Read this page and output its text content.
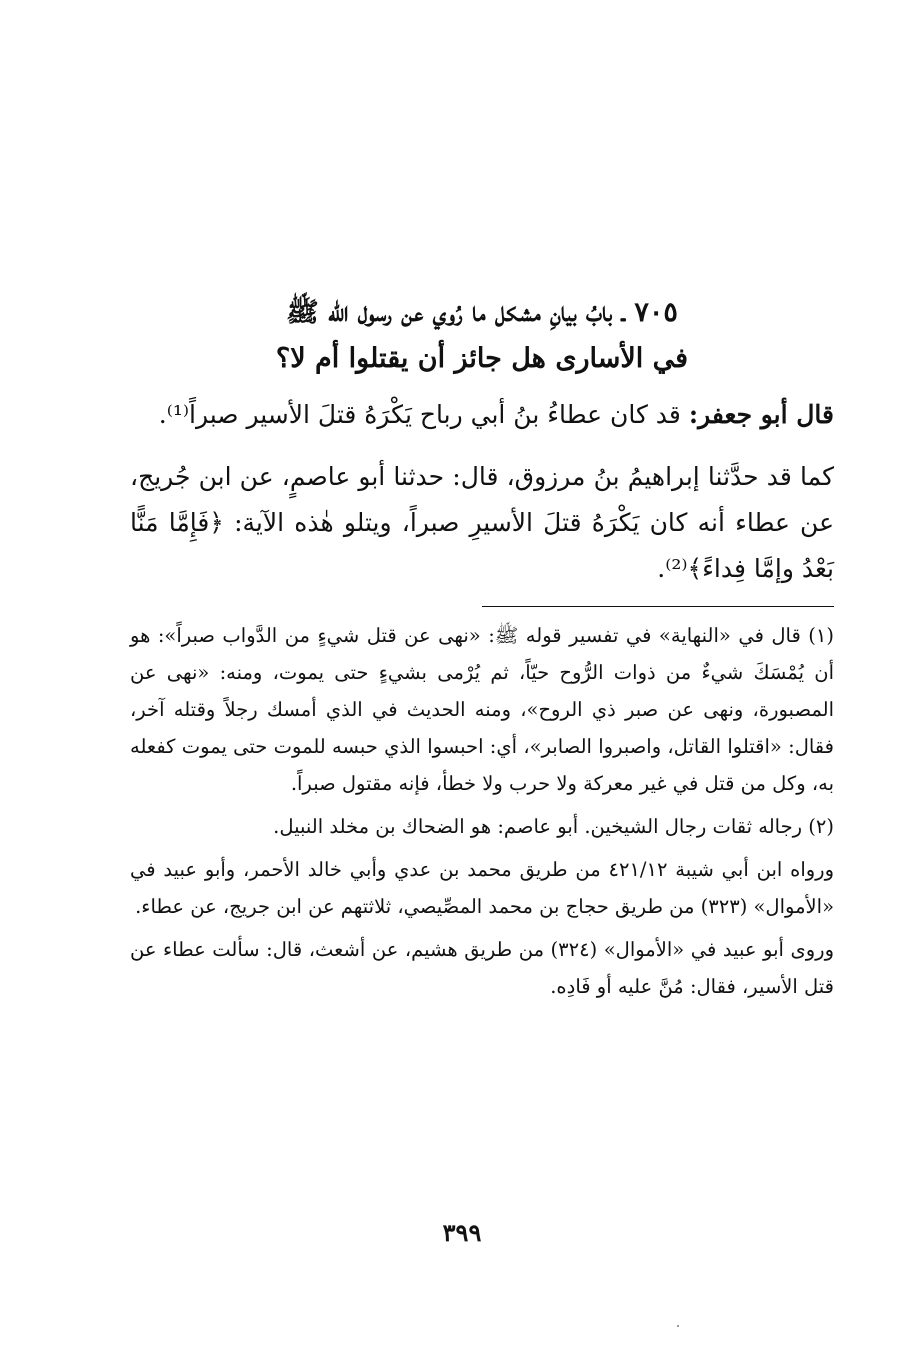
٧٠٥ ـ بابُ بيانِ مشكل ما رُوي عن رسول الله ﷺ
في الأسارى هل جائز أن يقتلوا أم لا؟

قال أبو جعفر: قد كان عطاءُ بنُ أبي رباح يَكْرَهُ قتلَ الأسير صبراً⁽¹⁾.

كما قد حدَّثنا إبراهيمُ بنُ مرزوق، قال: حدثنا أبو عاصمٍ، عن ابن جُريج، عن عطاء أنه كان يَكْرَهُ قتلَ الأسيرِ صبراً، ويتلو هٰذه الآية: ﴿فَإِمَّا مَنًّا بَعْدُ وإمَّا فِداءً﴾⁽²⁾.

(١) قال في «النهاية» في تفسير قوله ﷺ: «نهى عن قتل شيءٍ من الدَّواب صبراً»: هو أن يُمْسَكَ شيءٌ من ذوات الرُّوح حيّاً، ثم يُرْمى بشيءٍ حتى يموت، ومنه: «نهى عن المصبورة، ونهى عن صبر ذي الروح»، ومنه الحديث في الذي أمسك رجلاً وقتله آخر، فقال: «اقتلوا القاتل، واصبروا الصابر»، أي: احبسوا الذي حبسه للموت حتى يموت كفعله به، وكل من قتل في غير معركة ولا حرب ولا خطأ، فإنه مقتول صبراً.

(٢) رجاله ثقات رجال الشيخين. أبو عاصم: هو الضحاك بن مخلد النبيل.

ورواه ابن أبي شيبة ٤٢١/١٢ من طريق محمد بن عدي وأبي خالد الأحمر، وأبو عبيد في «الأموال» (٣٢٣) من طريق حجاج بن محمد المصِّيصي، ثلاثتهم عن ابن جريج، عن عطاء.

وروى أبو عبيد في «الأموال» (٣٢٤) من طريق هشيم، عن أشعث، قال: سألت عطاء عن قتل الأسير، فقال: مُنَّ عليه أو فَادِه.

٣٩٩
